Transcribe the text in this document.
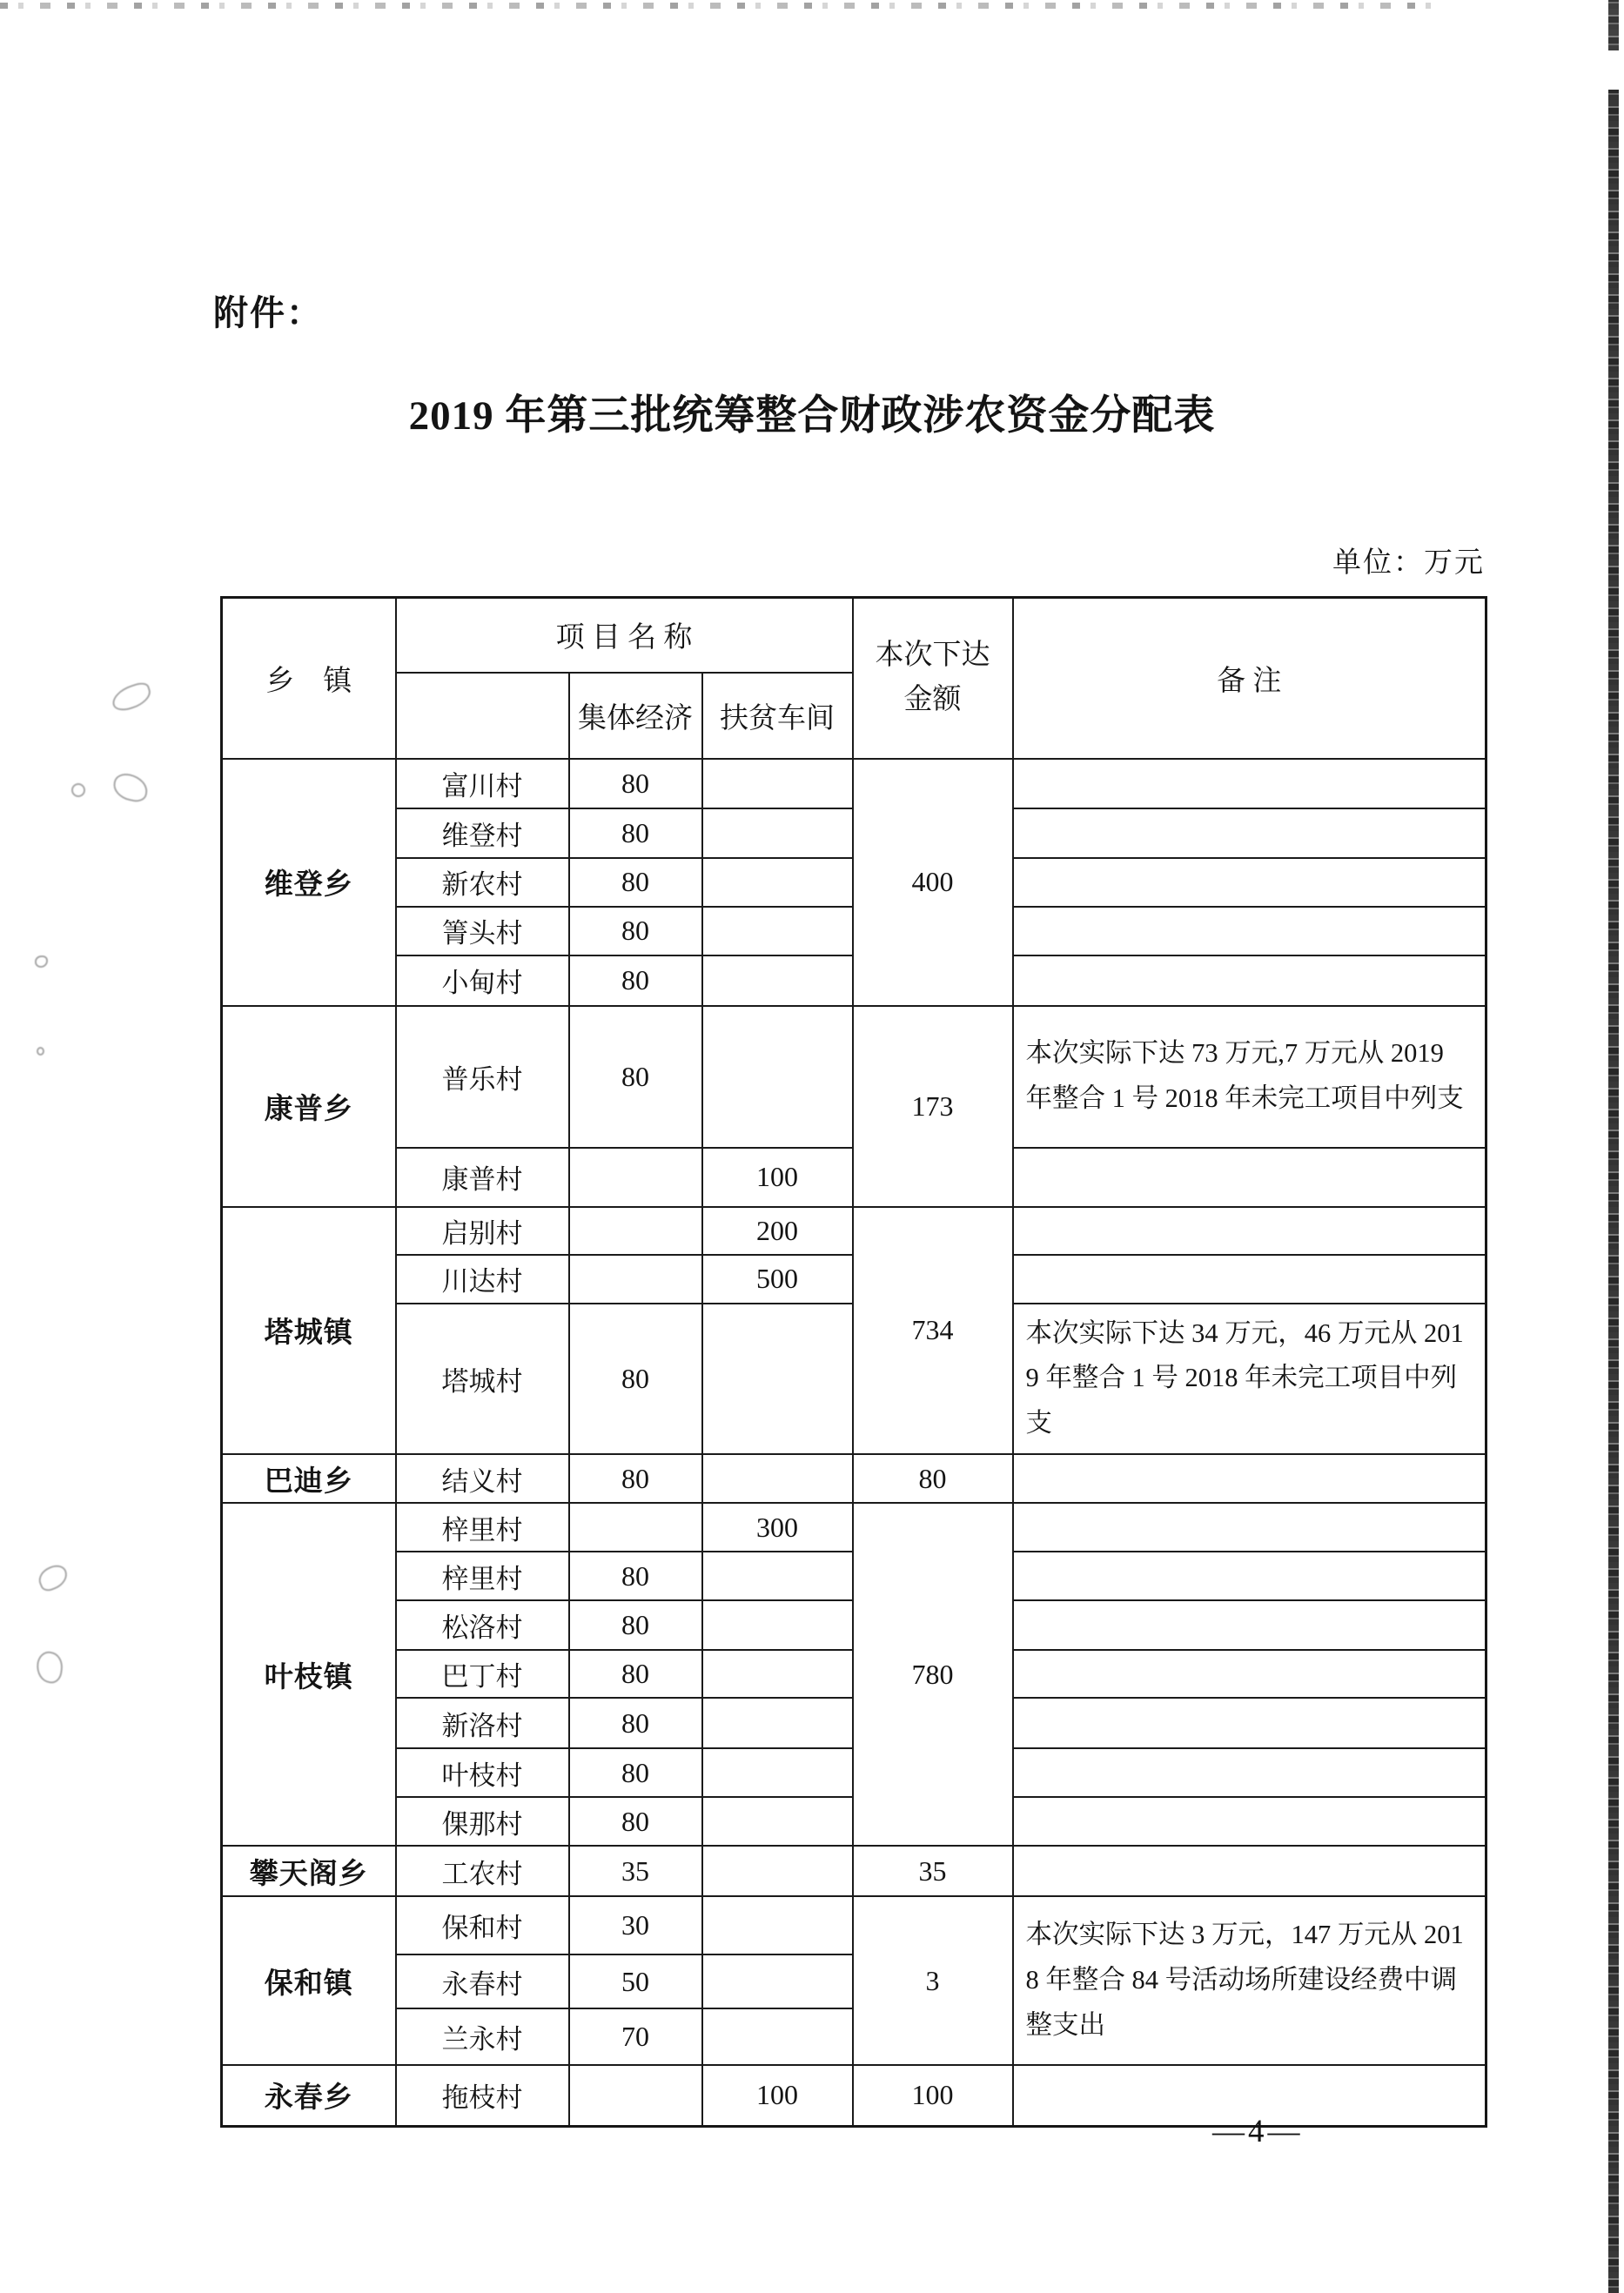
附件：
2019 年第三批统筹整合财政涉农资金分配表
单位：万元
乡　镇	项 目 名 称			本次下达金额	备 注
		集体经济	扶贫车间		
维登乡	富川村	80		400	
	维登村	80			
	新农村	80			
	箐头村	80			
	小甸村	80			
康普乡	普乐村	80		173	本次实际下达 73 万元,7 万元从 2019 年整合 1 号 2018 年未完工项目中列支
	康普村		100		
塔城镇	启别村		200	734	
	川达村		500		
	塔城村	80			本次实际下达 34 万元，46 万元从 2019 年整合 1 号 2018 年未完工项目中列支
巴迪乡	结义村	80		80	
叶枝镇	梓里村		300	780	
	梓里村	80			
	松洛村	80			
	巴丁村	80			
	新洛村	80			
	叶枝村	80			
	倮那村	80			
攀天阁乡	工农村	35		35	
保和镇	保和村	30		3	本次实际下达 3 万元，147 万元从 2018 年整合 84 号活动场所建设经费中调整支出
	永春村	50			
	兰永村	70			
永春乡	拖枝村		100	100	
—4—
